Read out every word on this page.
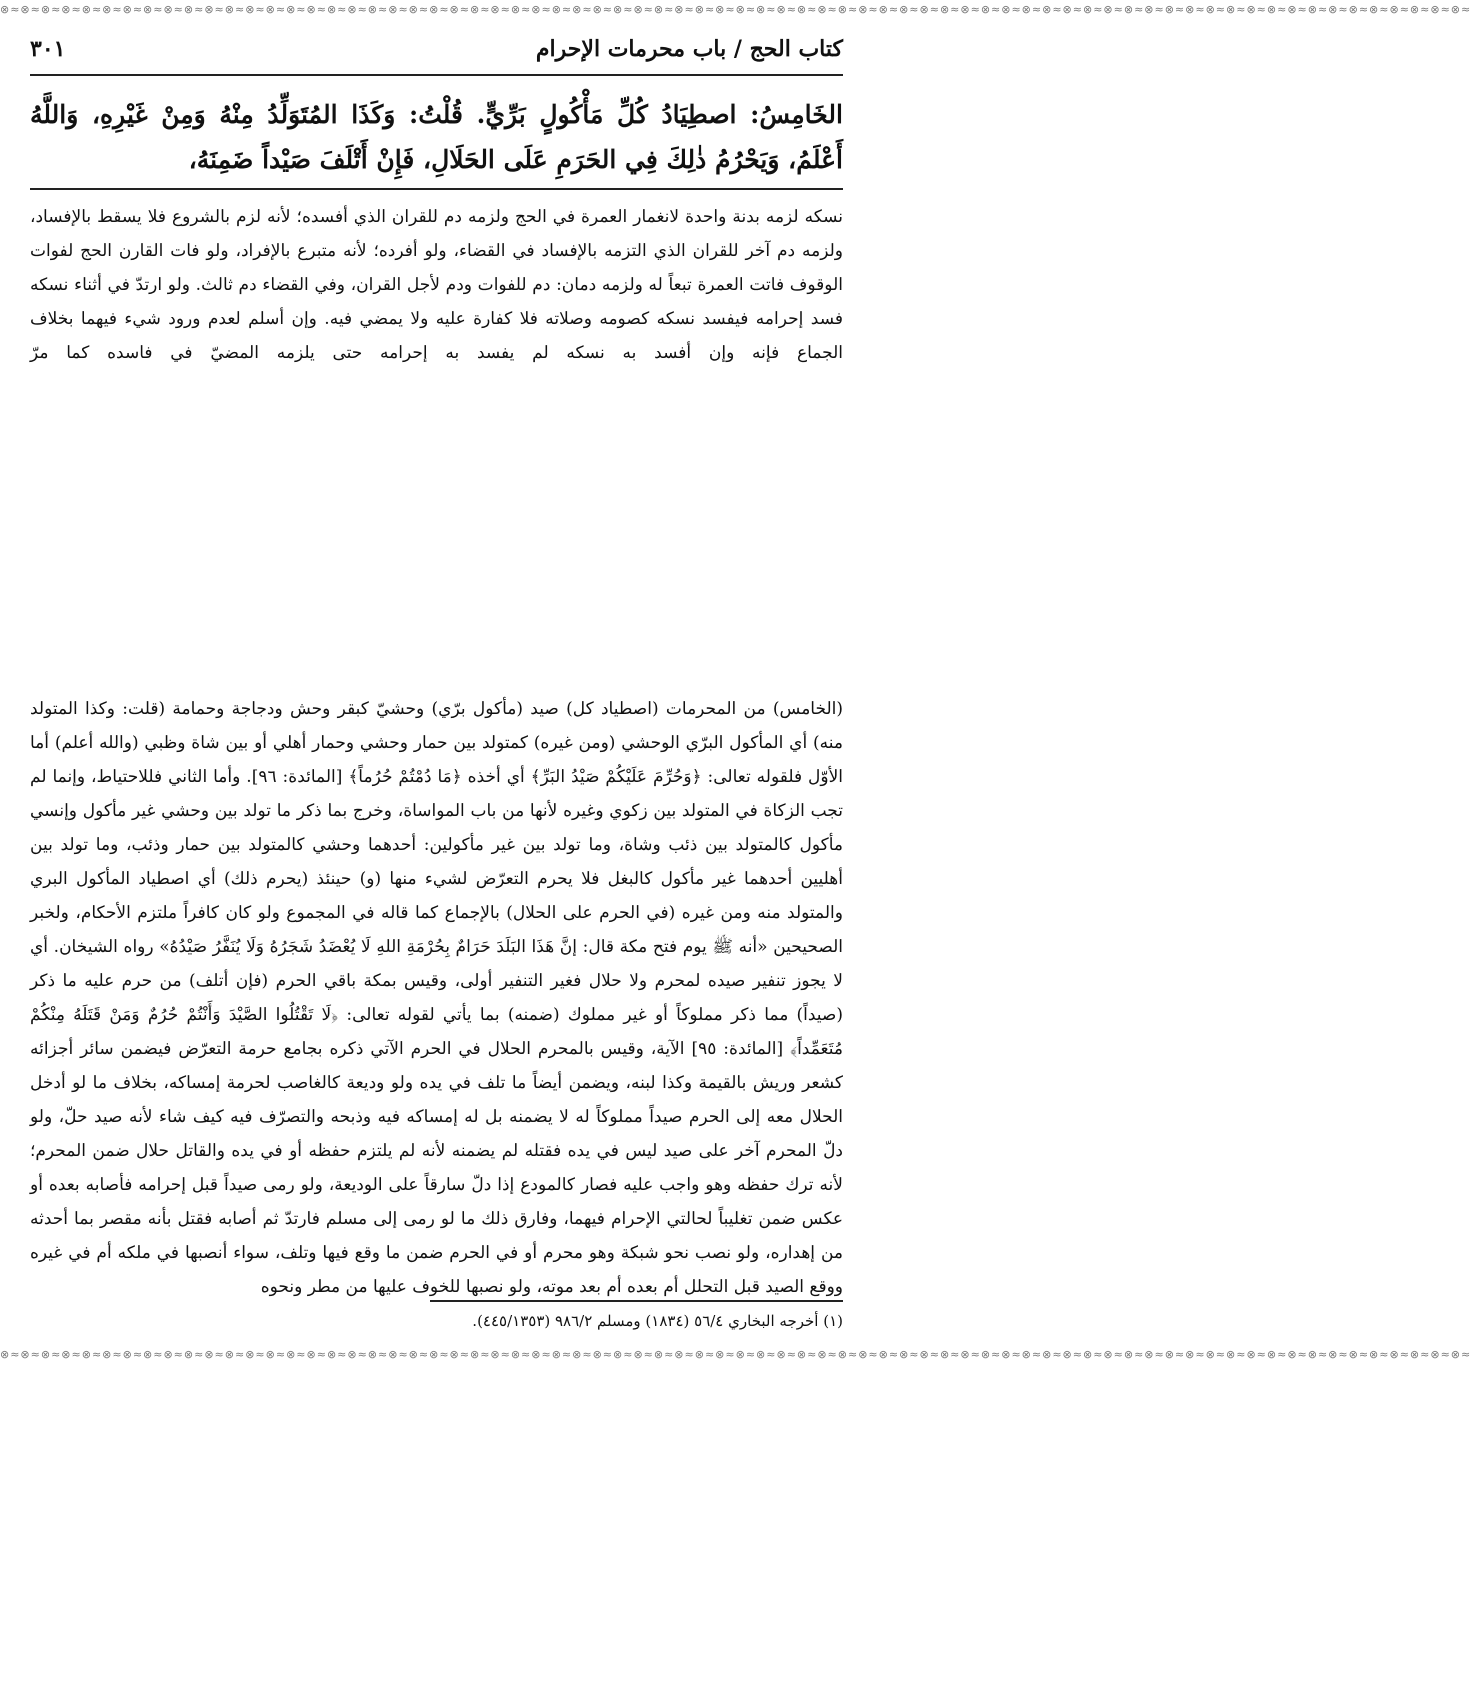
⊗≈⊗≈⊗≈⊗≈⊗≈⊗≈⊗≈⊗≈⊗≈⊗≈⊗≈⊗≈⊗≈⊗≈⊗≈⊗≈⊗≈⊗≈⊗≈⊗≈⊗≈⊗≈⊗≈⊗≈⊗≈⊗≈⊗≈⊗≈⊗≈⊗≈⊗≈⊗≈⊗≈⊗≈⊗≈⊗≈⊗≈⊗≈⊗≈⊗≈⊗≈⊗≈⊗≈⊗≈⊗≈⊗≈⊗≈⊗≈⊗≈⊗≈⊗≈⊗≈⊗≈⊗≈⊗≈⊗≈⊗≈⊗≈⊗≈⊗≈⊗≈⊗≈⊗≈⊗≈⊗≈⊗≈⊗≈⊗≈⊗≈⊗≈⊗≈⊗≈
كتاب الحج / باب محرمات الإحرام
٣٠١
الخَامِسُ: اصطِيَادُ كُلِّ مَأْكُولٍ بَرِّيٍّ. قُلْتُ: وَكَذَا المُتَوَلِّدُ مِنْهُ وَمِنْ غَيْرِهِ، وَاللَّهُ أَعْلَمُ، وَيَحْرُمُ ذٰلِكَ فِي الحَرَمِ عَلَى الحَلَالِ، فَإِنْ أَتْلَفَ صَيْداً ضَمِنَهُ،
نسكه لزمه بدنة واحدة لانغمار العمرة في الحج ولزمه دم للقران الذي أفسده؛ لأنه لزم بالشروع فلا يسقط بالإفساد، ولزمه دم آخر للقران الذي التزمه بالإفساد في القضاء، ولو أفرده؛ لأنه متبرع بالإفراد، ولو فات القارن الحج لفوات الوقوف فاتت العمرة تبعاً له ولزمه دمان: دم للفوات ودم لأجل القران، وفي القضاء دم ثالث. ولو ارتدّ في أثناء نسكه فسد إحرامه فيفسد نسكه كصومه وصلاته فلا كفارة عليه ولا يمضي فيه. وإن أسلم لعدم ورود شيء فيهما بخلاف الجماع فإنه وإن أفسد به نسكه لم يفسد به إحرامه حتى يلزمه المضيّ في فاسده كما مرّ
(الخامس) من المحرمات (اصطياد كل) صيد (مأكول برّي) وحشيّ كبقر وحش ودجاجة وحمامة (قلت: وكذا المتولد منه) أي المأكول البرّي الوحشي (ومن غيره) كمتولد بين حمار وحشي وحمار أهلي أو بين شاة وظبي (والله أعلم) أما الأوّل فلقوله تعالى: ﴿وَحُرِّمَ عَلَيْكُمْ صَيْدُ البَرِّ﴾ أي أخذه ﴿مَا دُمْتُمْ حُرُماً﴾ [المائدة: ٩٦]. وأما الثاني فللاحتياط، وإنما لم تجب الزكاة في المتولد بين زكوي وغيره لأنها من باب المواساة، وخرج بما ذكر ما تولد بين وحشي غير مأكول وإنسي مأكول كالمتولد بين ذئب وشاة، وما تولد بين غير مأكولين: أحدهما وحشي كالمتولد بين حمار وذئب، وما تولد بين أهليين أحدهما غير مأكول كالبغل فلا يحرم التعرّض لشيء منها (و) حينئذ (يحرم ذلك) أي اصطياد المأكول البري والمتولد منه ومن غيره (في الحرم على الحلال) بالإجماع كما قاله في المجموع ولو كان كافراً ملتزم الأحكام، ولخبر الصحيحين «أنه ﷺ يوم فتح مكة قال: إنَّ هَذَا البَلَدَ حَرَامٌ بِحُرْمَةِ اللهِ لَا يُعْضَدُ شَجَرُهُ وَلَا يُنَفَّرُ صَيْدُهُ» رواه الشيخان. أي لا يجوز تنفير صيده لمحرم ولا حلال فغير التنفير أولى، وقيس بمكة باقي الحرم (فإن أتلف) من حرم عليه ما ذكر (صيداً) مما ذكر مملوكاً أو غير مملوك (ضمنه) بما يأتي لقوله تعالى: ﴿لَا تَقْتُلُوا الصَّيْدَ وَأَنْتُمْ حُرُمٌ وَمَنْ قَتَلَهُ مِنْكُمْ مُتَعَمِّداً﴾ [المائدة: ٩٥] الآية، وقيس بالمحرم الحلال في الحرم الآتي ذكره بجامع حرمة التعرّض فيضمن سائر أجزائه كشعر وريش بالقيمة وكذا لبنه، ويضمن أيضاً ما تلف في يده ولو وديعة كالغاصب لحرمة إمساكه، بخلاف ما لو أدخل الحلال معه إلى الحرم صيداً مملوكاً له لا يضمنه بل له إمساكه فيه وذبحه والتصرّف فيه كيف شاء لأنه صيد حلّ، ولو دلّ المحرم آخر على صيد ليس في يده فقتله لم يضمنه لأنه لم يلتزم حفظه أو في يده والقاتل حلال ضمن المحرم؛ لأنه ترك حفظه وهو واجب عليه فصار كالمودع إذا دلّ سارقاً على الوديعة، ولو رمى صيداً قبل إحرامه فأصابه بعده أو عكس ضمن تغليباً لحالتي الإحرام فيهما، وفارق ذلك ما لو رمى إلى مسلم فارتدّ ثم أصابه فقتل بأنه مقصر بما أحدثه من إهداره، ولو نصب نحو شبكة وهو محرم أو في الحرم ضمن ما وقع فيها وتلف، سواء أنصبها في ملكه أم في غيره ووقع الصيد قبل التحلل أم بعده أم بعد موته، ولو نصبها للخوف عليها من مطر ونحوه
(١) أخرجه البخاري ٥٦/٤ (١٨٣٤) ومسلم ٩٨٦/٢ (٤٤٥/١٣٥٣).
⊗≈⊗≈⊗≈⊗≈⊗≈⊗≈⊗≈⊗≈⊗≈⊗≈⊗≈⊗≈⊗≈⊗≈⊗≈⊗≈⊗≈⊗≈⊗≈⊗≈⊗≈⊗≈⊗≈⊗≈⊗≈⊗≈⊗≈⊗≈⊗≈⊗≈⊗≈⊗≈⊗≈⊗≈⊗≈⊗≈⊗≈⊗≈⊗≈⊗≈⊗≈⊗≈⊗≈⊗≈⊗≈⊗≈⊗≈⊗≈⊗≈⊗≈⊗≈⊗≈⊗≈⊗≈⊗≈⊗≈⊗≈⊗≈⊗≈⊗≈⊗≈⊗≈⊗≈⊗≈⊗≈⊗≈⊗≈⊗≈⊗≈⊗≈⊗≈⊗≈
